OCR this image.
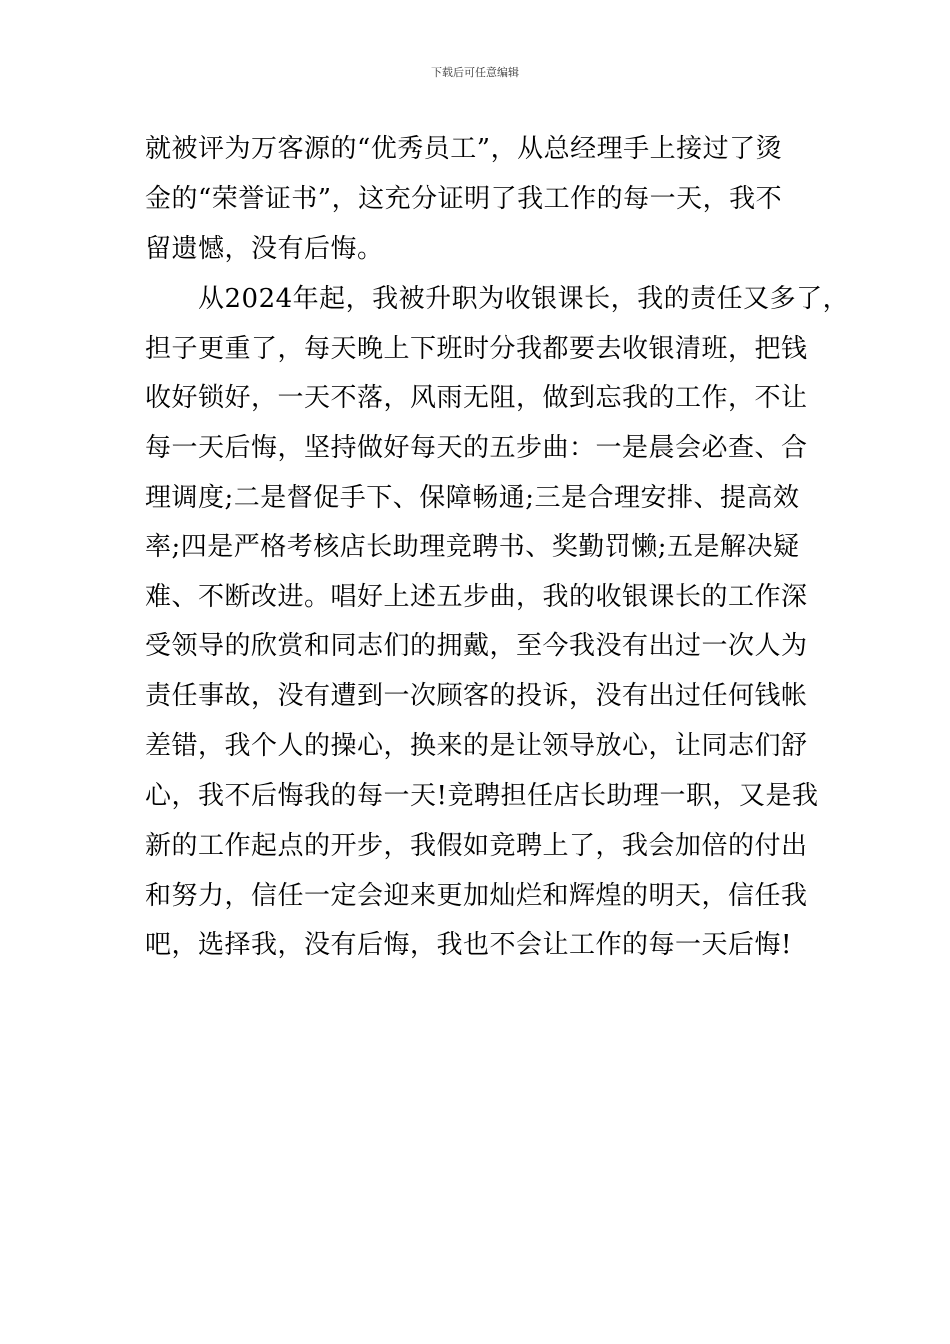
下载后可任意编辑
就被评为万客源的“优秀员工”，从总经理手上接过了烫
金的“荣誉证书”，这充分证明了我工作的每一天，我不
留遗憾，没有后悔。
　　从2024年起，我被升职为收银课长，我的责任又多了，
担子更重了，每天晚上下班时分我都要去收银清班，把钱
收好锁好，一天不落，风雨无阻，做到忘我的工作，不让
每一天后悔，坚持做好每天的五步曲：一是晨会必查、合
理调度;二是督促手下、保障畅通;三是合理安排、提高效
率;四是严格考核店长助理竞聘书、奖勤罚懒;五是解决疑
难、不断改进。唱好上述五步曲，我的收银课长的工作深
受领导的欣赏和同志们的拥戴，至今我没有出过一次人为
责任事故，没有遭到一次顾客的投诉，没有出过任何钱帐
差错，我个人的操心，换来的是让领导放心，让同志们舒
心，我不后悔我的每一天!竞聘担任店长助理一职，又是我
新的工作起点的开步，我假如竞聘上了，我会加倍的付出
和努力，信任一定会迎来更加灿烂和辉煌的明天，信任我
吧，选择我，没有后悔，我也不会让工作的每一天后悔!
